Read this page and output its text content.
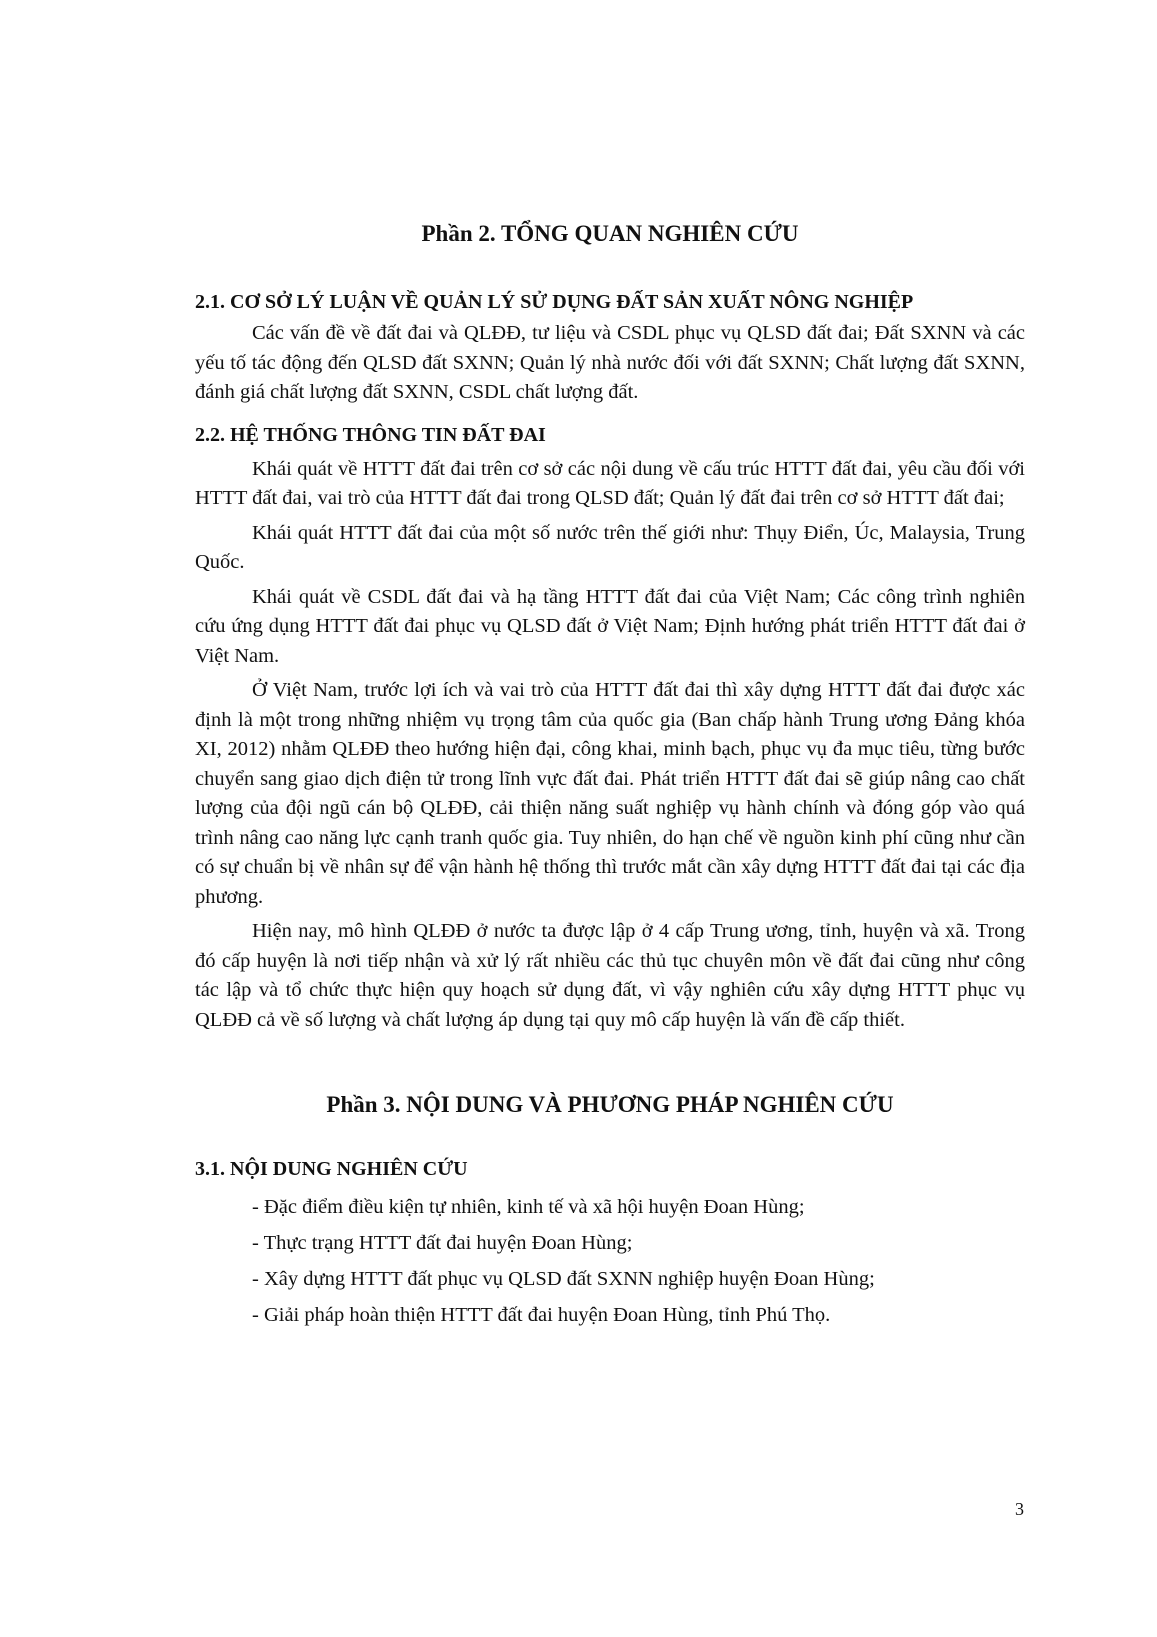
Phần 2. TỔNG QUAN NGHIÊN CỨU
2.1. CƠ SỞ LÝ LUẬN VỀ QUẢN LÝ SỬ DỤNG ĐẤT SẢN XUẤT NÔNG NGHIỆP

Các vấn đề về đất đai và QLĐĐ, tư liệu và CSDL phục vụ QLSD đất đai; Đất SXNN và các yếu tố tác động đến QLSD đất SXNN; Quản lý nhà nước đối với đất SXNN; Chất lượng đất SXNN, đánh giá chất lượng đất SXNN, CSDL chất lượng đất.

2.2. HỆ THỐNG THÔNG TIN ĐẤT ĐAI

Khái quát về HTTT đất đai trên cơ sở các nội dung về cấu trúc HTTT đất đai, yêu cầu đối với HTTT đất đai, vai trò của HTTT đất đai trong QLSD đất; Quản lý đất đai trên cơ sở HTTT đất đai;

Khái quát HTTT đất đai của một số nước trên thế giới như: Thụy Điển, Úc, Malaysia, Trung Quốc.

Khái quát về CSDL đất đai và hạ tầng HTTT đất đai của Việt Nam; Các công trình nghiên cứu ứng dụng HTTT đất đai phục vụ QLSD đất ở Việt Nam; Định hướng phát triển HTTT đất đai ở Việt Nam.

Ở Việt Nam, trước lợi ích và vai trò của HTTT đất đai thì xây dựng HTTT đất đai được xác định là một trong những nhiệm vụ trọng tâm của quốc gia (Ban chấp hành Trung ương Đảng khóa XI, 2012) nhằm QLĐĐ theo hướng hiện đại, công khai, minh bạch, phục vụ đa mục tiêu, từng bước chuyển sang giao dịch điện tử trong lĩnh vực đất đai. Phát triển HTTT đất đai sẽ giúp nâng cao chất lượng của đội ngũ cán bộ QLĐĐ, cải thiện năng suất nghiệp vụ hành chính và đóng góp vào quá trình nâng cao năng lực cạnh tranh quốc gia. Tuy nhiên, do hạn chế về nguồn kinh phí cũng như cần có sự chuẩn bị về nhân sự để vận hành hệ thống thì trước mắt cần xây dựng HTTT đất đai tại các địa phương.

Hiện nay, mô hình QLĐĐ ở nước ta được lập ở 4 cấp Trung ương, tỉnh, huyện và xã. Trong đó cấp huyện là nơi tiếp nhận và xử lý rất nhiều các thủ tục chuyên môn về đất đai cũng như công tác lập và tổ chức thực hiện quy hoạch sử dụng đất, vì vậy nghiên cứu xây dựng HTTT phục vụ QLĐĐ cả về số lượng và chất lượng áp dụng tại quy mô cấp huyện là vấn đề cấp thiết.

Phần 3. NỘI DUNG VÀ PHƯƠNG PHÁP NGHIÊN CỨU
3.1. NỘI DUNG NGHIÊN CỨU
- Đặc điểm điều kiện tự nhiên, kinh tế và xã hội huyện Đoan Hùng;
- Thực trạng HTTT đất đai huyện Đoan Hùng;
- Xây dựng HTTT đất phục vụ QLSD đất SXNN nghiệp huyện Đoan Hùng;
- Giải pháp hoàn thiện HTTT đất đai huyện Đoan Hùng, tỉnh Phú Thọ.
3
